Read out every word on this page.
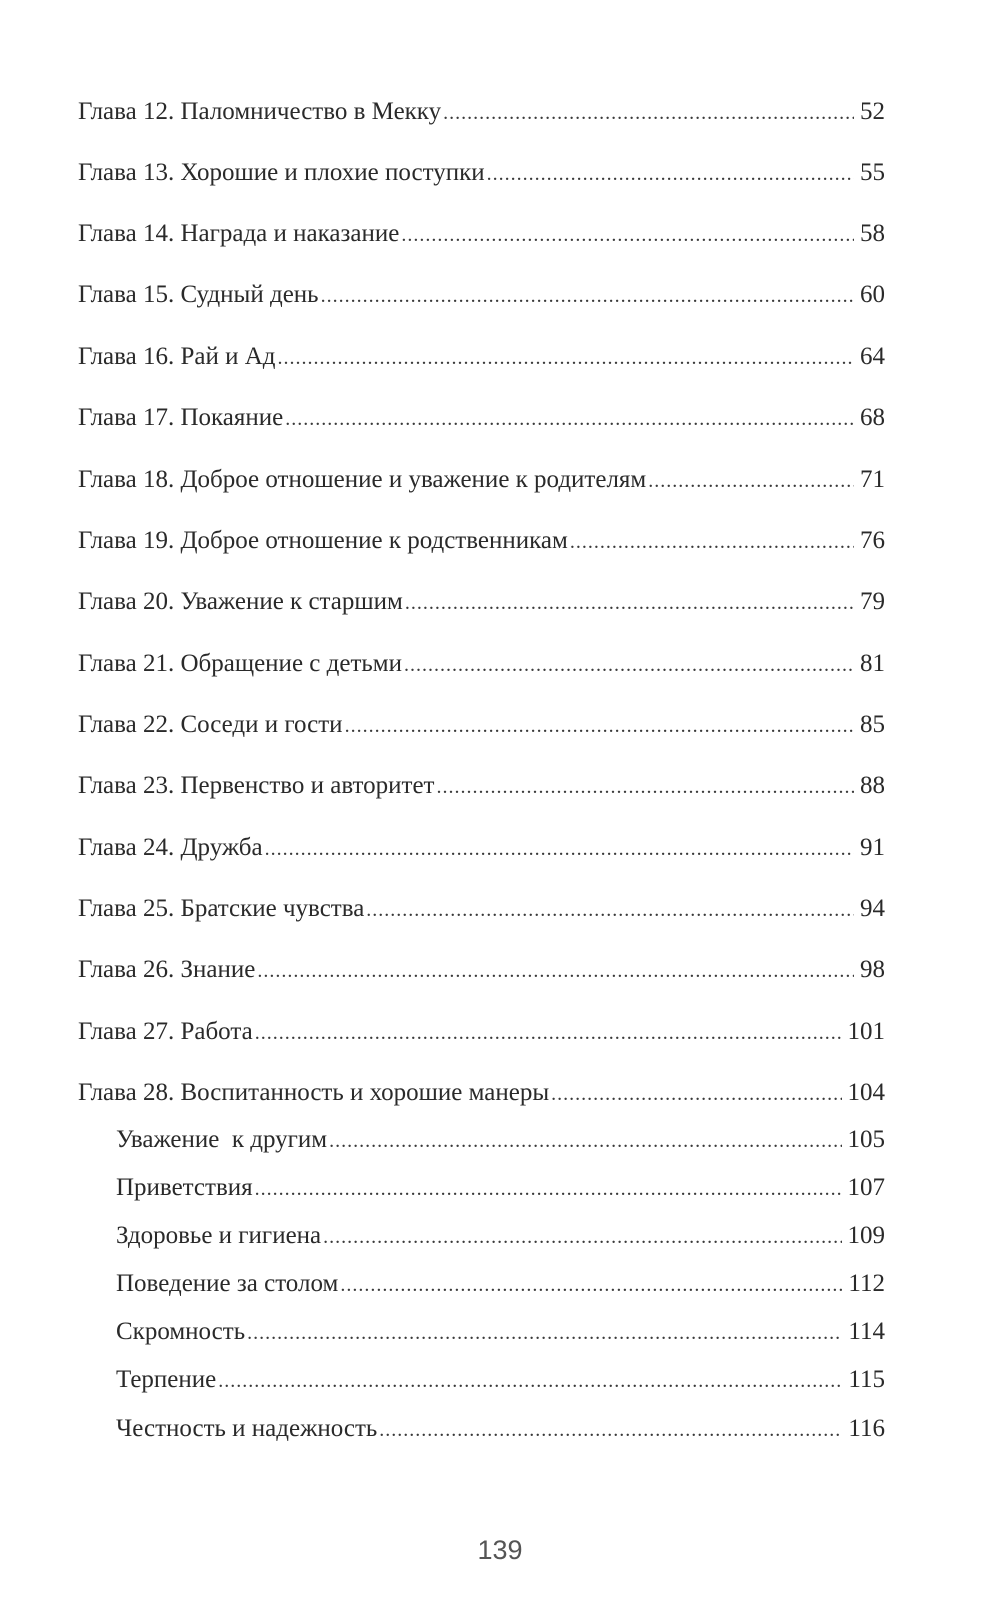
Глава 12. Паломничество в Мекку .....	52
Глава 13. Хорошие и плохие поступки .....	55
Глава 14. Награда и наказание .....	58
Глава 15. Судный день .....	60
Глава 16. Рай и Ад .....	64
Глава 17. Покаяние .....	68
Глава 18. Доброе отношение и уважение к родителям .....	71
Глава 19. Доброе отношение к родственникам .....	76
Глава 20. Уважение к старшим .....	79
Глава 21. Обращение с детьми .....	81
Глава 22. Соседи и гости .....	85
Глава 23. Первенство и авторитет .....	88
Глава 24. Дружба .....	91
Глава 25. Братские чувства .....	94
Глава 26. Знание .....	98
Глава 27. Работа .....	101
Глава 28. Воспитанность и хорошие манеры .....	104
Уважение  к другим .....	105
Приветствия .....	107
Здоровье и гигиена .....	109
Поведение за столом .....	112
Скромность .....	114
Терпение .....	115
Честность и надежность .....	116
139
